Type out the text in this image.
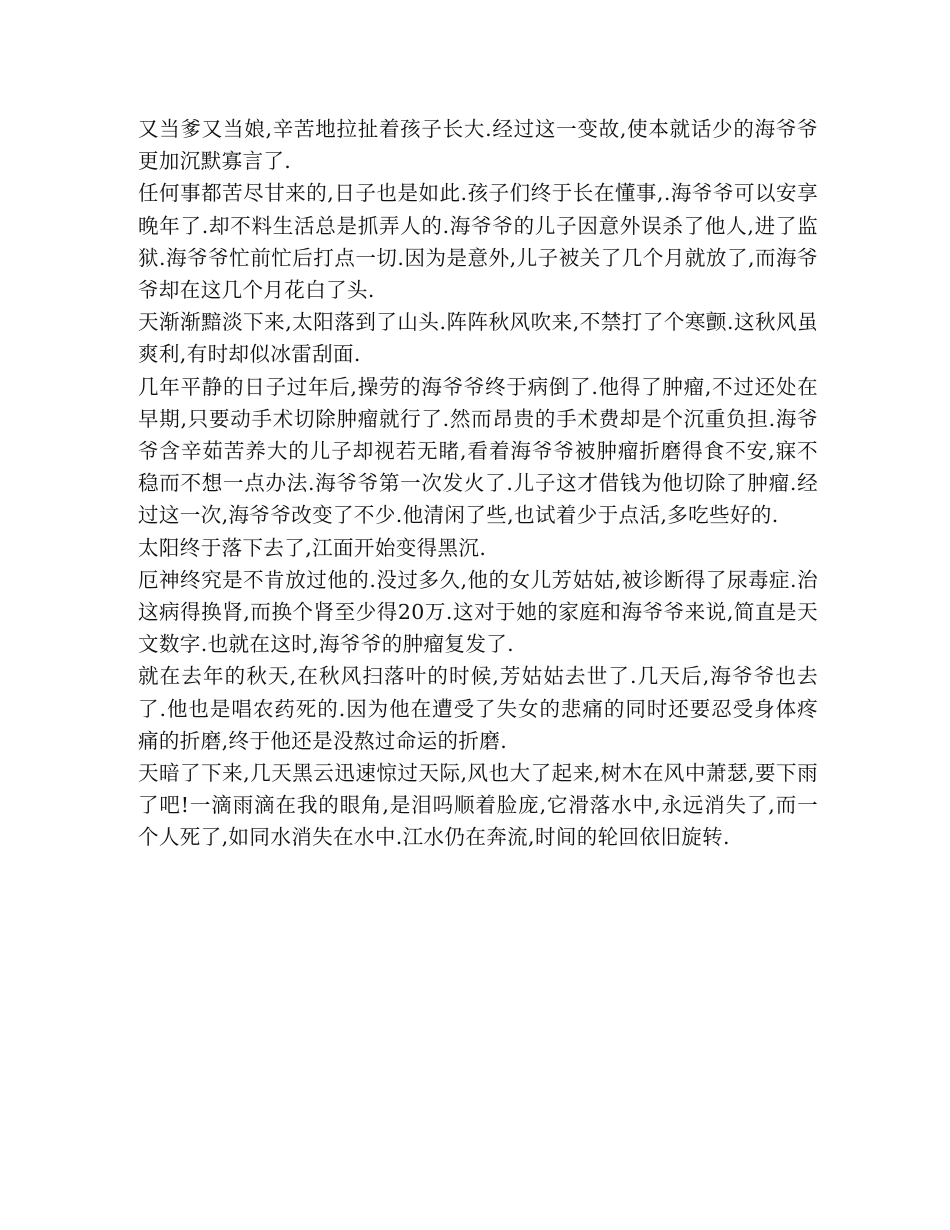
又当爹又当娘,辛苦地拉扯着孩子长大.经过这一变故,使本就话少的海爷爷更加沉默寡言了.

任何事都苦尽甘来的,日子也是如此.孩子们终于长在懂事,.海爷爷可以安享晚年了.却不料生活总是抓弄人的.海爷爷的儿子因意外误杀了他人,进了监狱.海爷爷忙前忙后打点一切.因为是意外,儿子被关了几个月就放了,而海爷爷却在这几个月花白了头.

天渐渐黯淡下来,太阳落到了山头.阵阵秋风吹来,不禁打了个寒颤.这秋风虽爽利,有时却似冰雷刮面.

几年平静的日子过年后,操劳的海爷爷终于病倒了.他得了肿瘤,不过还处在早期,只要动手术切除肿瘤就行了.然而昂贵的手术费却是个沉重负担.海爷爷含辛茹苦养大的儿子却视若无睹,看着海爷爷被肿瘤折磨得食不安,寐不稳而不想一点办法.海爷爷第一次发火了.儿子这才借钱为他切除了肿瘤.经过这一次,海爷爷改变了不少.他清闲了些,也试着少于点活,多吃些好的.

太阳终于落下去了,江面开始变得黑沉.

厄神终究是不肯放过他的.没过多久,他的女儿芳姑姑,被诊断得了尿毒症.治这病得换肾,而换个肾至少得20万.这对于她的家庭和海爷爷来说,简直是天文数字.也就在这时,海爷爷的肿瘤复发了.

就在去年的秋天,在秋风扫落叶的时候,芳姑姑去世了.几天后,海爷爷也去了.他也是唱农药死的.因为他在遭受了失女的悲痛的同时还要忍受身体疼痛的折磨,终于他还是没熬过命运的折磨.

天暗了下来,几天黑云迅速惊过天际,风也大了起来,树木在风中萧瑟,要下雨了吧!一滴雨滴在我的眼角,是泪吗顺着脸庞,它滑落水中,永远消失了,而一个人死了,如同水消失在水中.江水仍在奔流,时间的轮回依旧旋转.
